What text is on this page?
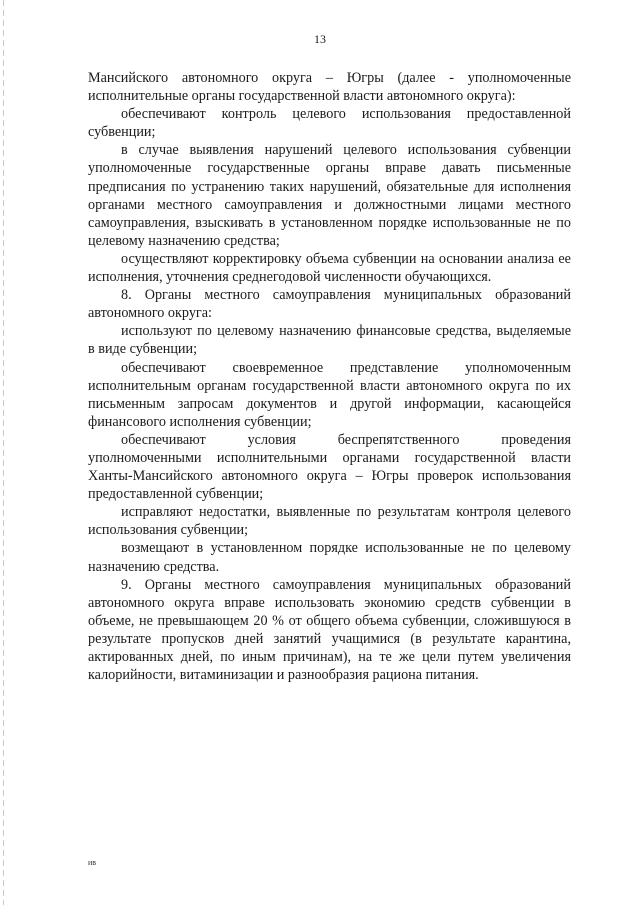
13

Мансийского автономного округа – Югры (далее - уполномоченные исполнительные органы государственной власти автономного округа):

обеспечивают контроль целевого использования предоставленной субвенции;

в случае выявления нарушений целевого использования субвенции уполномоченные государственные органы вправе давать письменные предписания по устранению таких нарушений, обязательные для исполнения органами местного самоуправления и должностными лицами местного самоуправления, взыскивать в установленном порядке использованные не по целевому назначению средства;

осуществляют корректировку объема субвенции на основании анализа ее исполнения, уточнения среднегодовой численности обучающихся.

8. Органы местного самоуправления муниципальных образований автономного округа:

используют по целевому назначению финансовые средства, выделяемые в виде субвенции;

обеспечивают своевременное представление уполномоченным исполнительным органам государственной власти автономного округа по их письменным запросам документов и другой информации, касающейся финансового исполнения субвенции;

обеспечивают условия беспрепятственного проведения уполномоченными исполнительными органами государственной власти Ханты-Мансийского автономного округа – Югры проверок использования предоставленной субвенции;

исправляют недостатки, выявленные по результатам контроля целевого использования субвенции;

возмещают в установленном порядке использованные не по целевому назначению средства.

9. Органы местного самоуправления муниципальных образований автономного округа вправе использовать экономию средств субвенции в объеме, не превышающем 20 % от общего объема субвенции, сложившуюся в результате пропусков дней занятий учащимися (в результате карантина, актированных дней, по иным причинам), на те же цели путем увеличения калорийности, витаминизации и разнообразия рациона питания.

ив
